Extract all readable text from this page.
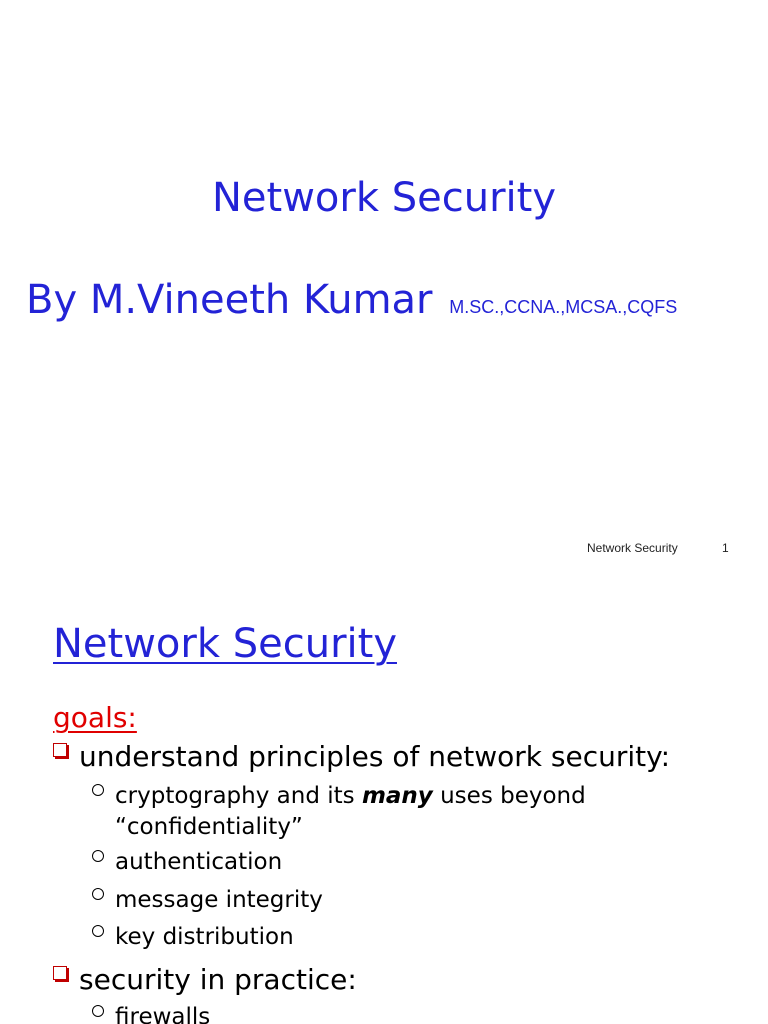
Network Security
By M.Vineeth Kumar M.SC.,CCNA.,MCSA.,CQFS
Network Security	1
Network Security
goals:
understand principles of network security:
cryptography and its many uses beyond
“confidentiality”
authentication
message integrity
key distribution
security in practice:
firewalls
